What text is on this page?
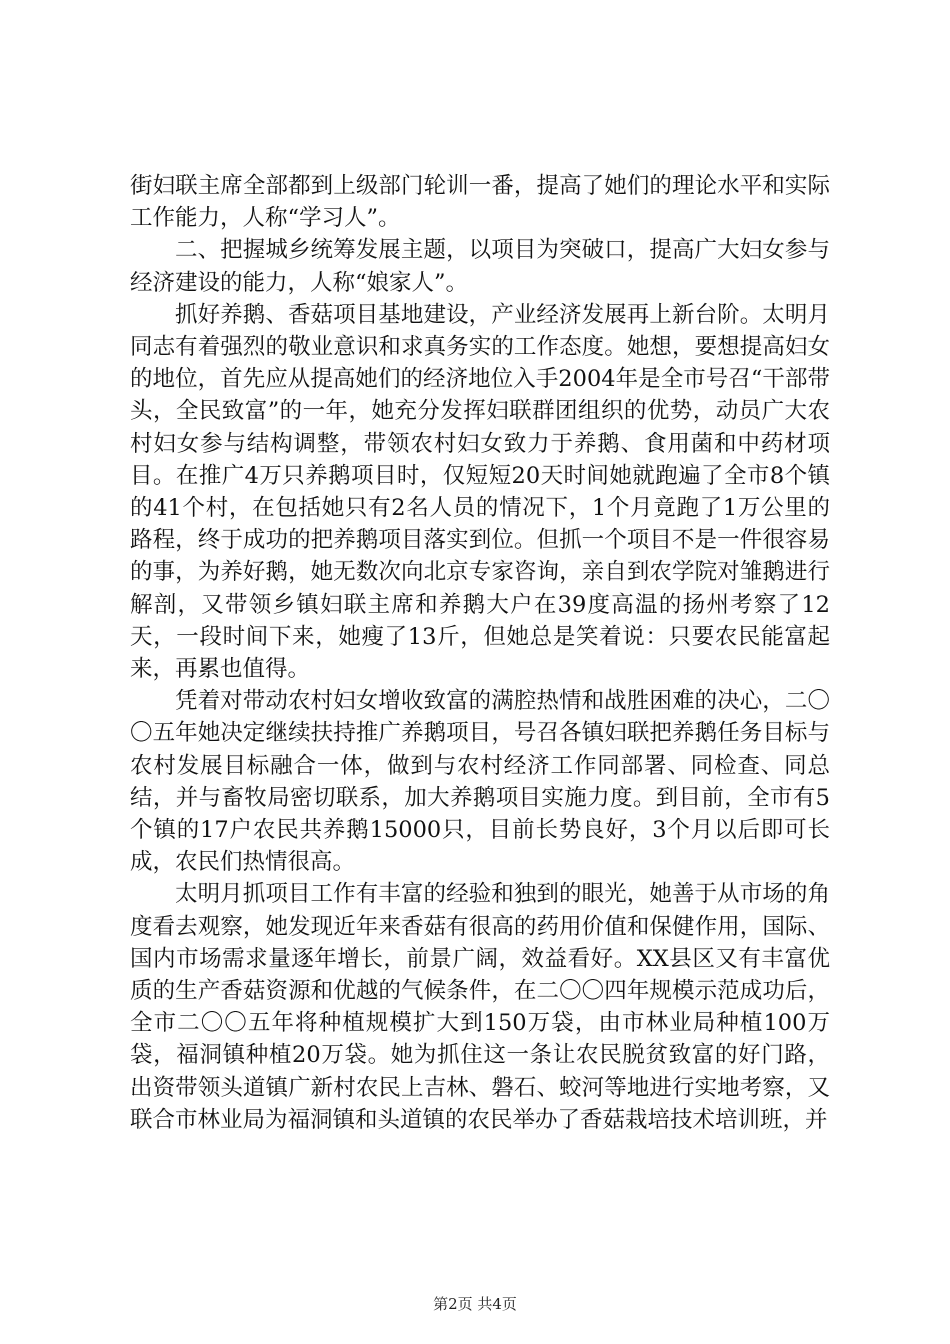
街妇联主席全部都到上级部门轮训一番，提高了她们的理论水平和实际工作能力，人称“学习人”。

二、把握城乡统筹发展主题，以项目为突破口，提高广大妇女参与经济建设的能力，人称“娘家人”。

抓好养鹅、香菇项目基地建设，产业经济发展再上新台阶。太明月同志有着强烈的敬业意识和求真务实的工作态度。她想，要想提高妇女的地位，首先应从提高她们的经济地位入手2004年是全市号召“干部带头，全民致富”的一年，她充分发挥妇联群团组织的优势，动员广大农村妇女参与结构调整，带领农村妇女致力于养鹅、食用菌和中药材项目。在推广4万只养鹅项目时，仅短短20天时间她就跑遍了全市8个镇的41个村，在包括她只有2名人员的情况下，1个月竟跑了1万公里的路程，终于成功的把养鹅项目落实到位。但抓一个项目不是一件很容易的事，为养好鹅，她无数次向北京专家咨询，亲自到农学院对雏鹅进行解剖，又带领乡镇妇联主席和养鹅大户在39度高温的扬州考察了12天，一段时间下来，她瘦了13斤，但她总是笑着说：只要农民能富起来，再累也值得。

凭着对带动农村妇女增收致富的满腔热情和战胜困难的决心，二〇〇五年她决定继续扶持推广养鹅项目，号召各镇妇联把养鹅任务目标与农村发展目标融合一体，做到与农村经济工作同部署、同检查、同总结，并与畜牧局密切联系，加大养鹅项目实施力度。到目前，全市有5个镇的17户农民共养鹅15000只，目前长势良好，3个月以后即可长成，农民们热情很高。

太明月抓项目工作有丰富的经验和独到的眼光，她善于从市场的角度看去观察，她发现近年来香菇有很高的药用价值和保健作用，国际、国内市场需求量逐年增长，前景广阔，效益看好。XX县区又有丰富优质的生产香菇资源和优越的气候条件，在二〇〇四年规模示范成功后，全市二〇〇五年将种植规模扩大到150万袋，由市林业局种植100万袋，福洞镇种植20万袋。她为抓住这一条让农民脱贫致富的好门路，出资带领头道镇广新村农民上吉林、磐石、蛟河等地进行实地考察，又联合市林业局为福洞镇和头道镇的农民举办了香菇栽培技术培训班，并

第2页 共4页
